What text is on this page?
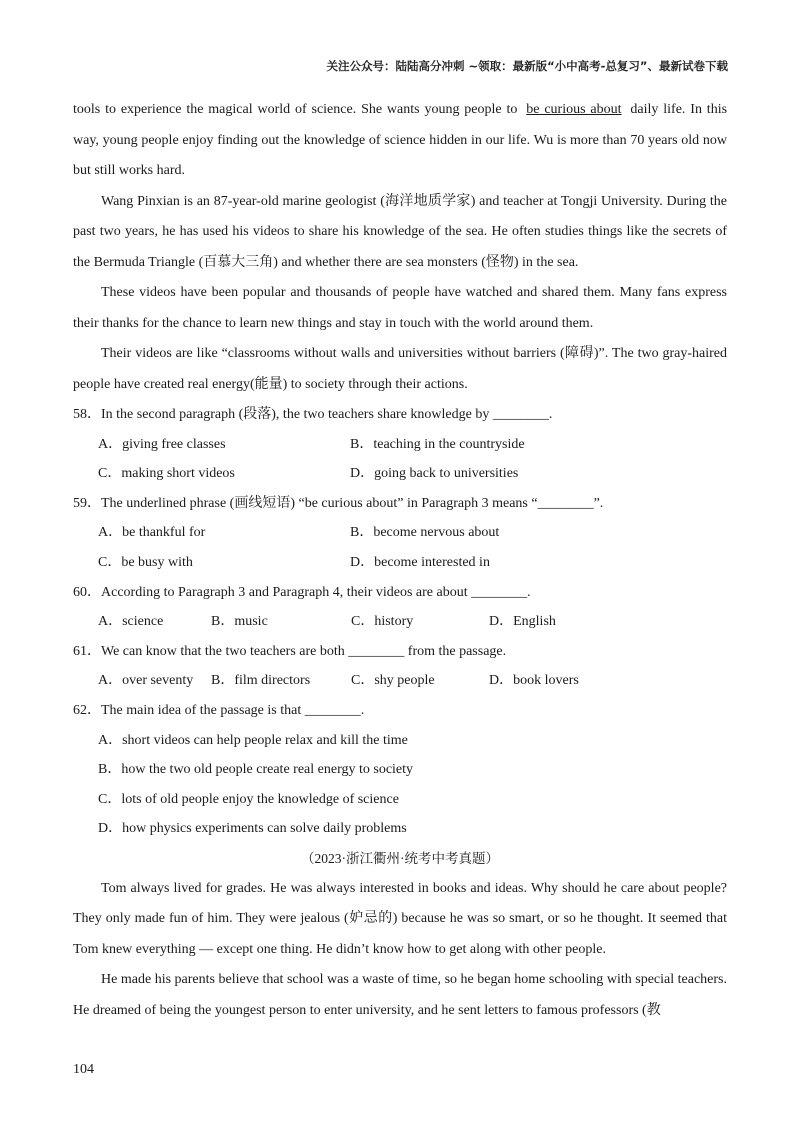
关注公众号：陆陆高分冲刺 ~领取：最新版“小中高考-总复习”、最新试卷下载

tools to experience the magical world of science. She wants young people to be curious about daily life. In this way, young people enjoy finding out the knowledge of science hidden in our life. Wu is more than 70 years old now but still works hard.

Wang Pinxian is an 87-year-old marine geologist (海洋地质学家) and teacher at Tongji University. During the past two years, he has used his videos to share his knowledge of the sea. He often studies things like the secrets of the Bermuda Triangle (百慕大三角) and whether there are sea monsters (怪物) in the sea.

These videos have been popular and thousands of people have watched and shared them. Many fans express their thanks for the chance to learn new things and stay in touch with the world around them.

Their videos are like “classrooms without walls and universities without barriers (障碍)”. The two gray-haired people have created real energy(能量) to society through their actions.

58．In the second paragraph (段落), the two teachers share knowledge by ________.

A．giving free classes	B．teaching in the countryside
C．making short videos	D．going back to universities

59．The underlined phrase (画线短语) “be curious about” in Paragraph 3 means “________”.

A．be thankful for	B．become nervous about
C．be busy with	D．become interested in

60．According to Paragraph 3 and Paragraph 4, their videos are about ________.

A．science	B．music	C．history	D．English

61．We can know that the two teachers are both ________ from the passage.

A．over seventy	B．film directors	C．shy people	D．book lovers

62．The main idea of the passage is that ________.

A．short videos can help people relax and kill the time
B．how the two old people create real energy to society
C．lots of old people enjoy the knowledge of science
D．how physics experiments can solve daily problems
（2023·浙江衢州·统考中考真题）

Tom always lived for grades. He was always interested in books and ideas. Why should he care about people? They only made fun of him. They were jealous (妒忌的) because he was so smart, or so he thought. It seemed that Tom knew everything — except one thing. He didn’t know how to get along with other people.

He made his parents believe that school was a waste of time, so he began home schooling with special teachers. He dreamed of being the youngest person to enter university, and he sent letters to famous professors (教

104
